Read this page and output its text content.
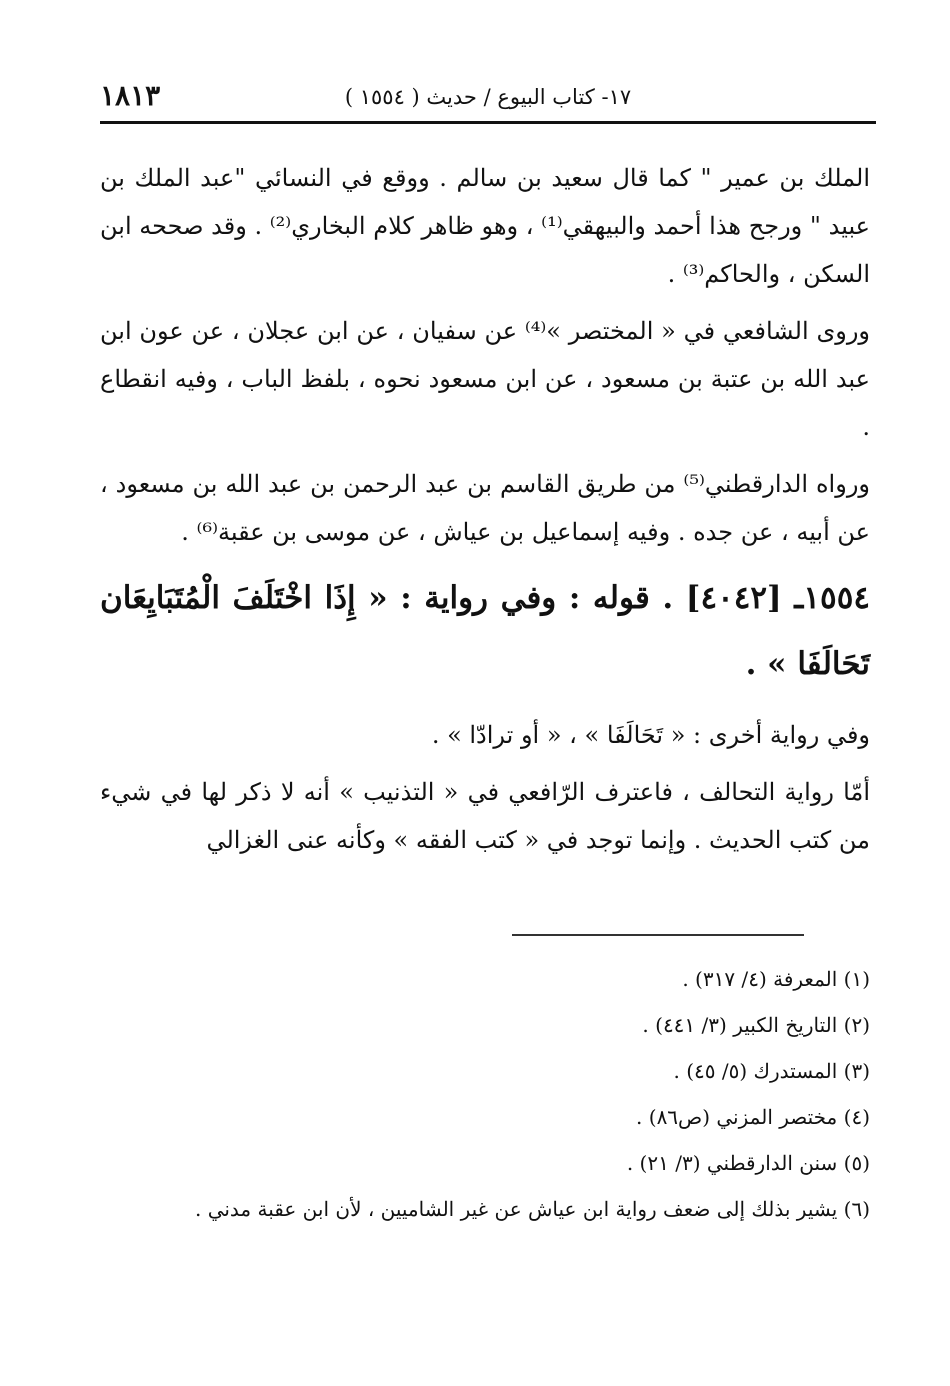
١٨١٣	١٧- كتاب البيوع / حديث ( ١٥٥٤ )

الملك بن عمير " كما قال سعيد بن سالم . ووقع في النسائي "عبد الملك بن عبيد " ورجح هذا أحمد والبيهقي⁽¹⁾ ، وهو ظاهر كلام البخاري⁽²⁾ . وقد صححه ابن السكن ، والحاكم⁽³⁾ .

وروى الشافعي في « المختصر »⁽⁴⁾ عن سفيان ، عن ابن عجلان ، عن عون ابن عبد الله بن عتبة بن مسعود ، عن ابن مسعود نحوه ، بلفظ الباب ، وفيه انقطاع .

ورواه الدارقطني⁽⁵⁾ من طريق القاسم بن عبد الرحمن بن عبد الله بن مسعود ، عن أبيه ، عن جده . وفيه إسماعيل بن عياش ، عن موسى بن عقبة⁽⁶⁾ .

١٥٥٤ـ [٤٠٤٢] . قوله : وفي رواية : « إِذَا اخْتَلَفَ الْمُتَبَايِعَان تَحَالَفَا » .

وفي رواية أخرى : « تَحَالَفَا » ، « أو ترادّا » .

أمّا رواية التحالف ، فاعترف الرّافعي في « التذنيب » أنه لا ذكر لها في شيء من كتب الحديث . وإنما توجد في « كتب الفقه » وكأنه عنى الغزالي

(١) المعرفة (٤/ ٣١٧) .

(٢) التاريخ الكبير (٣/ ٤٤١) .

(٣) المستدرك (٥/ ٤٥) .

(٤) مختصر المزني (ص٨٦) .

(٥) سنن الدارقطني (٣/ ٢١) .

(٦) يشير بذلك إلى ضعف رواية ابن عياش عن غير الشاميين ، لأن ابن عقبة مدني .
